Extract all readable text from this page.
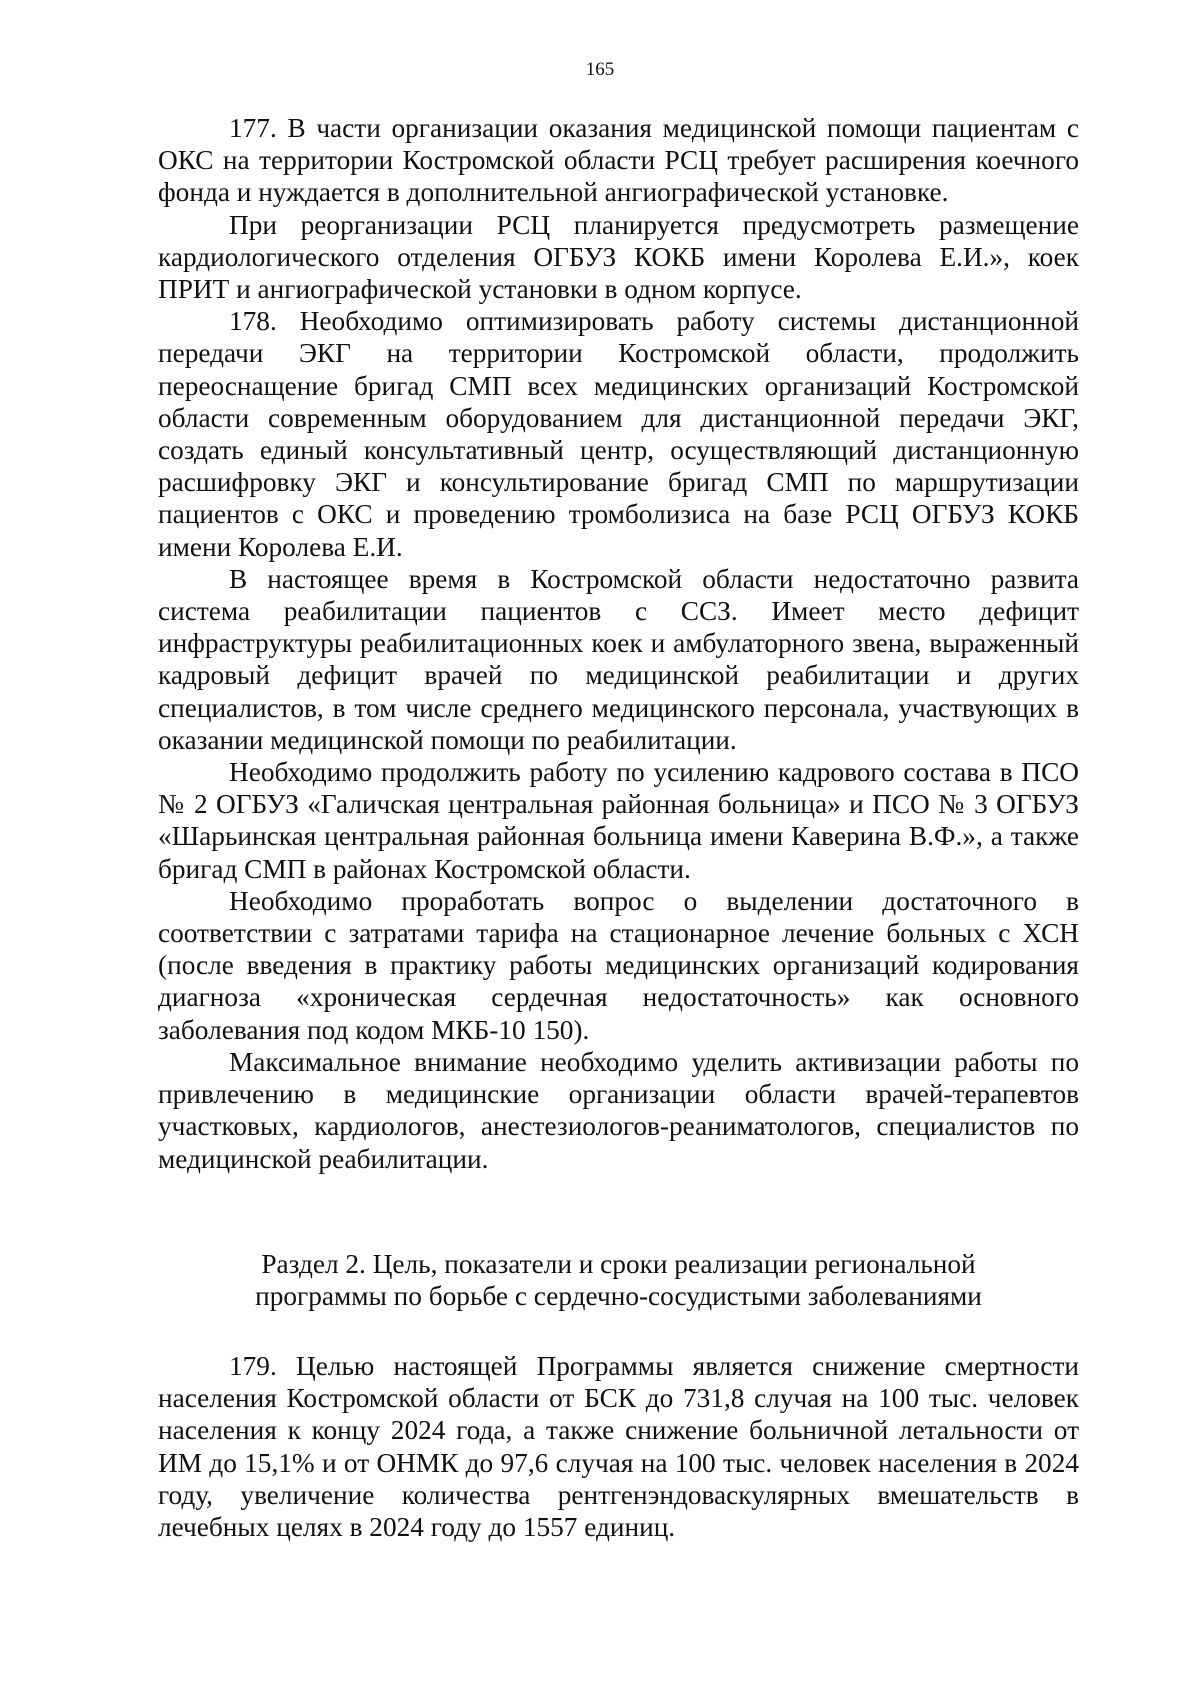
165

177. В части организации оказания медицинской помощи пациентам с ОКС на территории Костромской области РСЦ требует расширения коечного фонда и нуждается в дополнительной ангиографической установке.

При реорганизации РСЦ планируется предусмотреть размещение кардиологического отделения ОГБУЗ КОКБ имени Королева Е.И.», коек ПРИТ и ангиографической установки в одном корпусе.

178. Необходимо оптимизировать работу системы дистанционной передачи ЭКГ на территории Костромской области, продолжить переоснащение бригад СМП всех медицинских организаций Костромской области современным оборудованием для дистанционной передачи ЭКГ, создать единый консультативный центр, осуществляющий дистанционную расшифровку ЭКГ и консультирование бригад СМП по маршрутизации пациентов с ОКС и проведению тромболизиса на базе РСЦ ОГБУЗ КОКБ имени Королева Е.И.

В настоящее время в Костромской области недостаточно развита система реабилитации пациентов с ССЗ. Имеет место дефицит инфраструктуры реабилитационных коек и амбулаторного звена, выраженный кадровый дефицит врачей по медицинской реабилитации и других специалистов, в том числе среднего медицинского персонала, участвующих в оказании медицинской помощи по реабилитации.

Необходимо продолжить работу по усилению кадрового состава в ПСО № 2 ОГБУЗ «Галичская центральная районная больница» и ПСО № 3 ОГБУЗ «Шарьинская центральная районная больница имени Каверина В.Ф.», а также бригад СМП в районах Костромской области.

Необходимо проработать вопрос о выделении достаточного в соответствии с затратами тарифа на стационарное лечение больных с ХСН (после введения в практику работы медицинских организаций кодирования диагноза «хроническая сердечная недостаточность» как основного заболевания под кодом МКБ-10 150).

Максимальное внимание необходимо уделить активизации работы по привлечению в медицинские организации области врачей-терапевтов участковых, кардиологов, анестезиологов-реаниматологов, специалистов по медицинской реабилитации.

Раздел 2. Цель, показатели и сроки реализации региональной
программы по борьбе с сердечно-сосудистыми заболеваниями

179. Целью настоящей Программы является снижение смертности населения Костромской области от БСК до 731,8 случая на 100 тыс. человек населения к концу 2024 года, а также снижение больничной летальности от ИМ до 15,1% и от ОНМК до 97,6 случая на 100 тыс. человек населения в 2024 году, увеличение количества рентгенэндоваскулярных вмешательств в лечебных целях в 2024 году до 1557 единиц.
